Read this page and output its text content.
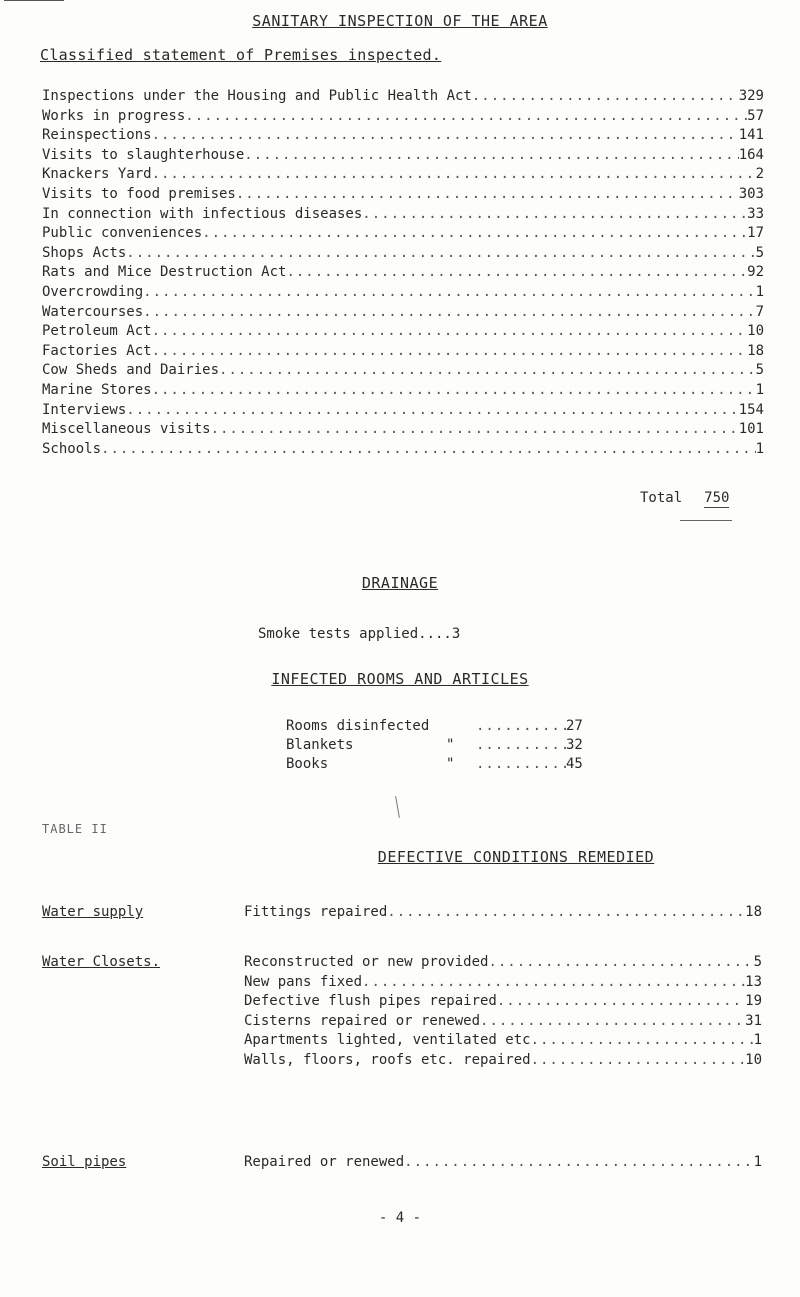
SANITARY INSPECTION OF THE AREA
Classified statement of Premises inspected.
Inspections under the Housing and Public Health Act .....	329
Works in progress .....	57
Reinspections .....	141
Visits to slaughterhouse .....	164
Knackers Yard .....	2
Visits to food premises .....	303
In connection with infectious diseases .....	33
Public conveniences .....	17
Shops Acts .....	5
Rats and Mice Destruction Act .....	92
Overcrowding .....	1
Watercourses .....	7
Petroleum Act .....	10
Factories Act .....	18
Cow Sheds and Dairies .....	5
Marine Stores .....	1
Interviews .....	154
Miscellaneous visits .....	101
Schools .....	1
Total 750
DRAINAGE
Smoke tests applied.... 3
INFECTED ROOMS AND ARTICLES
Rooms disinfected .....	27
Blankets	" .....	32
Books	" .....	45
TABLE II
DEFECTIVE CONDITIONS REMEDIED
Water supply	Fittings repaired .....	18
Water Closets.	Reconstructed or new provided .....	5
New pans fixed .....	13
Defective flush pipes repaired .....	19
Cisterns repaired or renewed .....	31
Apartments lighted, ventilated etc .....	1
Walls, floors, roofs etc. repaired .....	10
Soil pipes	Repaired or renewed .....	1
- 4 -
